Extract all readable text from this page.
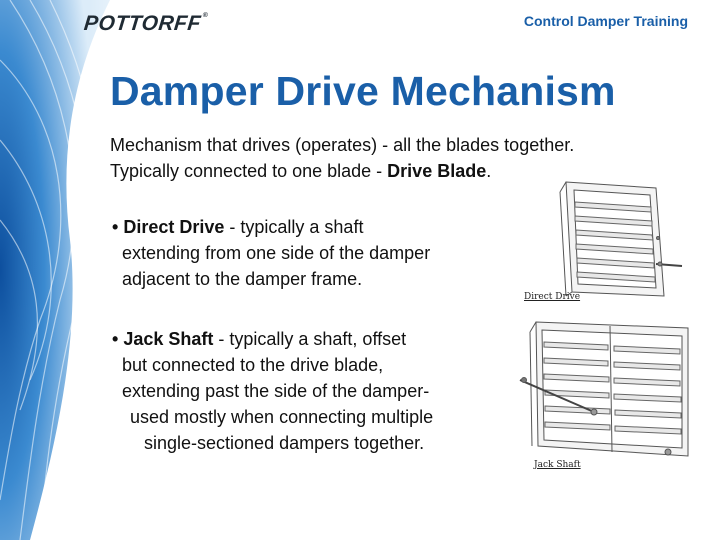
POTTORFF®	Control Damper Training
Damper Drive Mechanism
Mechanism that drives (operates) - all the blades together.
Typically connected to one blade - Drive Blade.
• Direct Drive - typically a shaft
extending from one side of the damper
adjacent to the damper frame.
• Jack Shaft - typically a shaft, offset
but connected to the drive blade,
extending past the side of the damper-
used mostly when connecting multiple
single-sectioned dampers together.
Direct Drive
Jack Shaft
